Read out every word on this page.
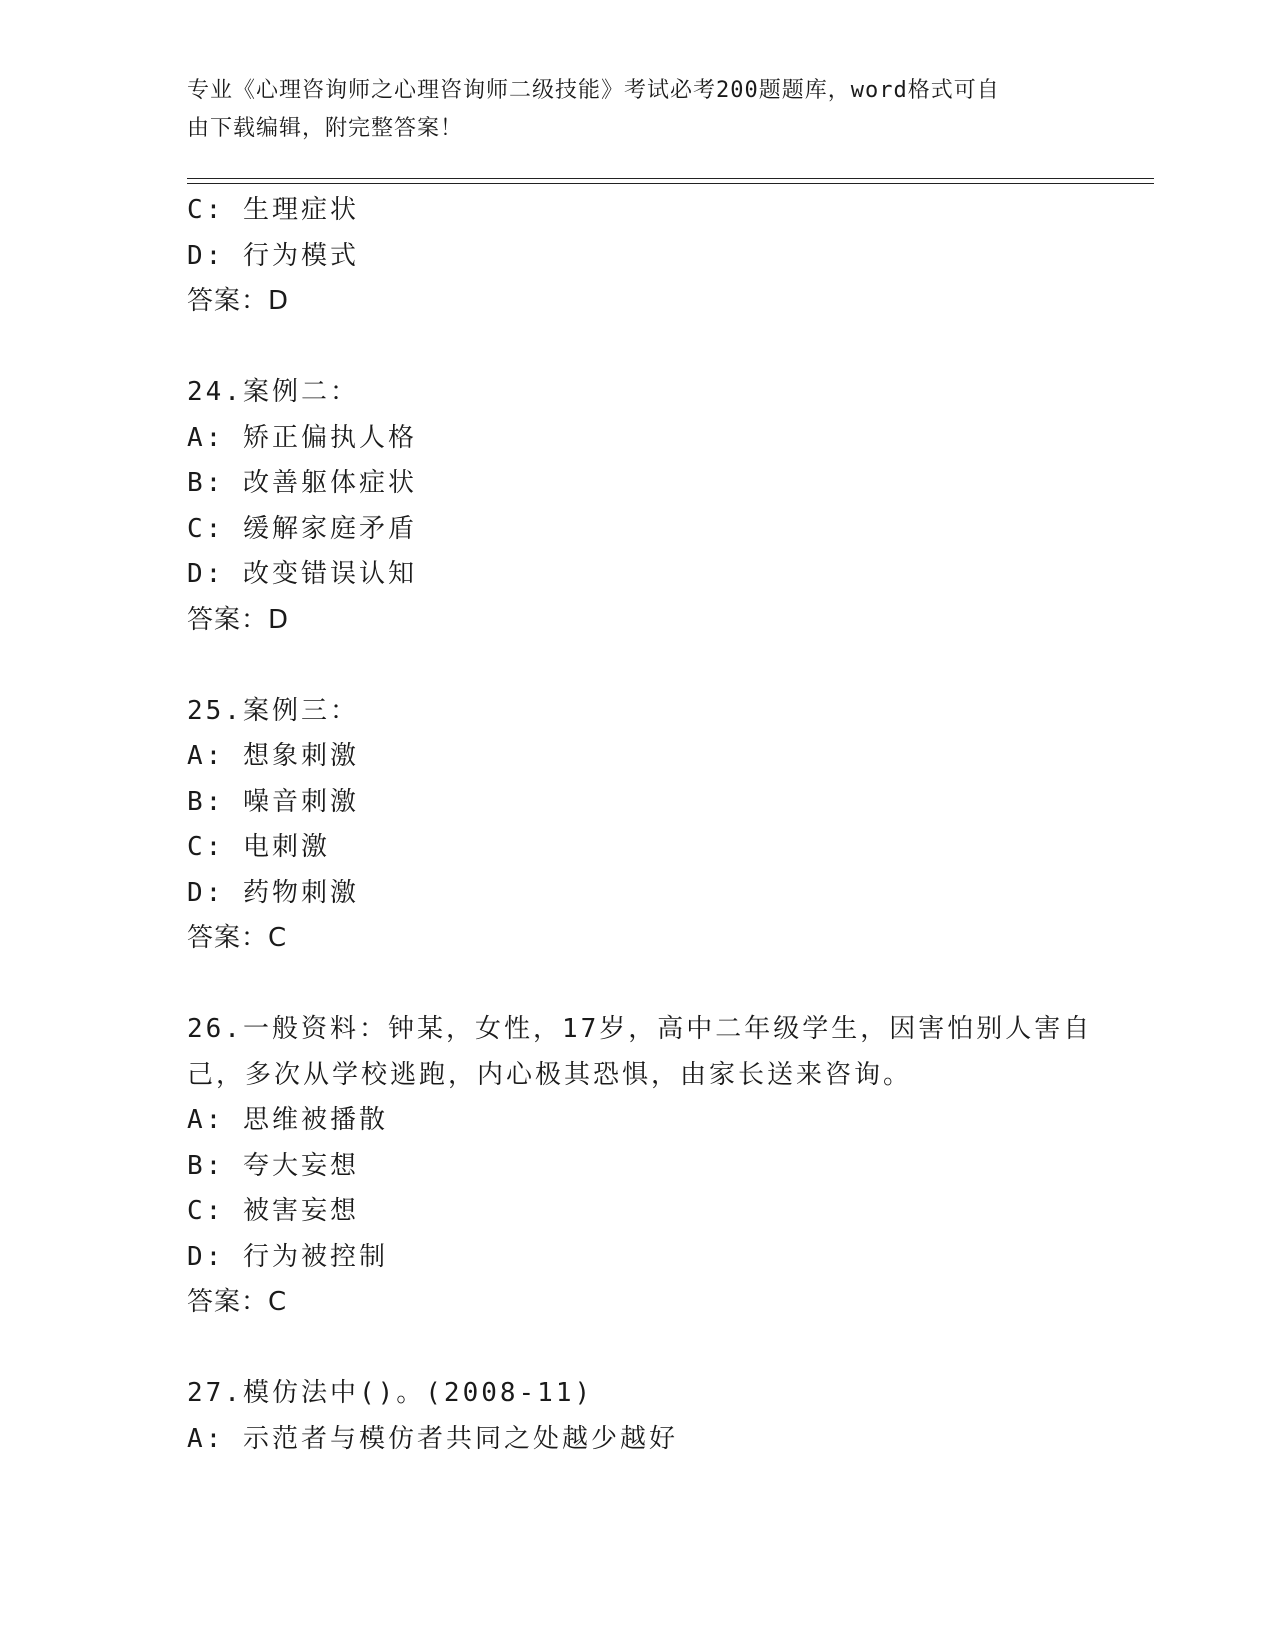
专业《心理咨询师之心理咨询师二级技能》考试必考200题题库，word格式可自
由下载编辑，附完整答案！
C: 生理症状
D: 行为模式
答案：D
24.案例二：
A: 矫正偏执人格
B: 改善躯体症状
C: 缓解家庭矛盾
D: 改变错误认知
答案：D
25.案例三：
A: 想象刺激
B: 噪音刺激
C: 电刺激
D: 药物刺激
答案：C
26.一般资料：钟某，女性，17岁，高中二年级学生，因害怕别人害自
己，多次从学校逃跑，内心极其恐惧，由家长送来咨询。
A: 思维被播散
B: 夸大妄想
C: 被害妄想
D: 行为被控制
答案：C
27.模仿法中()。(2008-11)
A: 示范者与模仿者共同之处越少越好
